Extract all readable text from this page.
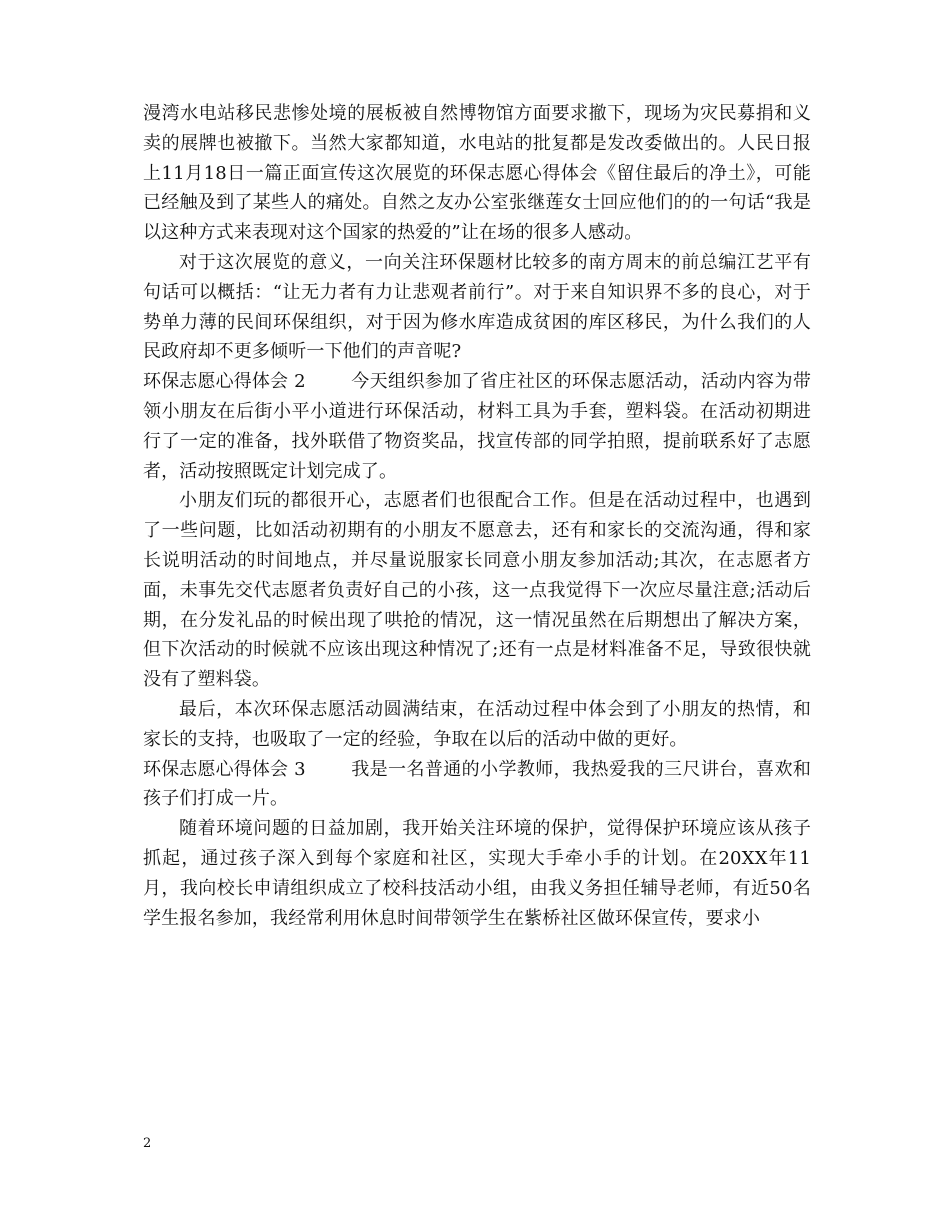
漫湾水电站移民悲惨处境的展板被自然博物馆方面要求撤下，现场为灾民募捐和义卖的展牌也被撤下。当然大家都知道，水电站的批复都是发改委做出的。人民日报上11月18日一篇正面宣传这次展览的环保志愿心得体会《留住最后的净土》，可能已经触及到了某些人的痛处。自然之友办公室张继莲女士回应他们的的一句话“我是以这种方式来表现对这个国家的热爱的”让在场的很多人感动。

对于这次展览的意义，一向关注环保题材比较多的南方周末的前总编江艺平有句话可以概括：“让无力者有力让悲观者前行”。对于来自知识界不多的良心，对于势单力薄的民间环保组织，对于因为修水库造成贫困的库区移民，为什么我们的人民政府却不更多倾听一下他们的声音呢?

环保志愿心得体会 2	今天组织参加了省庄社区的环保志愿活动，活动内容为带领小朋友在后街小平小道进行环保活动，材料工具为手套，塑料袋。在活动初期进行了一定的准备，找外联借了物资奖品，找宣传部的同学拍照，提前联系好了志愿者，活动按照既定计划完成了。

小朋友们玩的都很开心，志愿者们也很配合工作。但是在活动过程中，也遇到了一些问题，比如活动初期有的小朋友不愿意去，还有和家长的交流沟通，得和家长说明活动的时间地点，并尽量说服家长同意小朋友参加活动;其次，在志愿者方面，未事先交代志愿者负责好自己的小孩，这一点我觉得下一次应尽量注意;活动后期，在分发礼品的时候出现了哄抢的情况，这一情况虽然在后期想出了解决方案，但下次活动的时候就不应该出现这种情况了;还有一点是材料准备不足，导致很快就没有了塑料袋。

最后，本次环保志愿活动圆满结束，在活动过程中体会到了小朋友的热情，和家长的支持，也吸取了一定的经验，争取在以后的活动中做的更好。

环保志愿心得体会 3	我是一名普通的小学教师，我热爱我的三尺讲台，喜欢和孩子们打成一片。

随着环境问题的日益加剧，我开始关注环境的保护，觉得保护环境应该从孩子抓起，通过孩子深入到每个家庭和社区，实现大手牵小手的计划。在20XX年11月，我向校长申请组织成立了校科技活动小组，由我义务担任辅导老师，有近50名学生报名参加，我经常利用休息时间带领学生在紫桥社区做环保宣传，要求小

2
